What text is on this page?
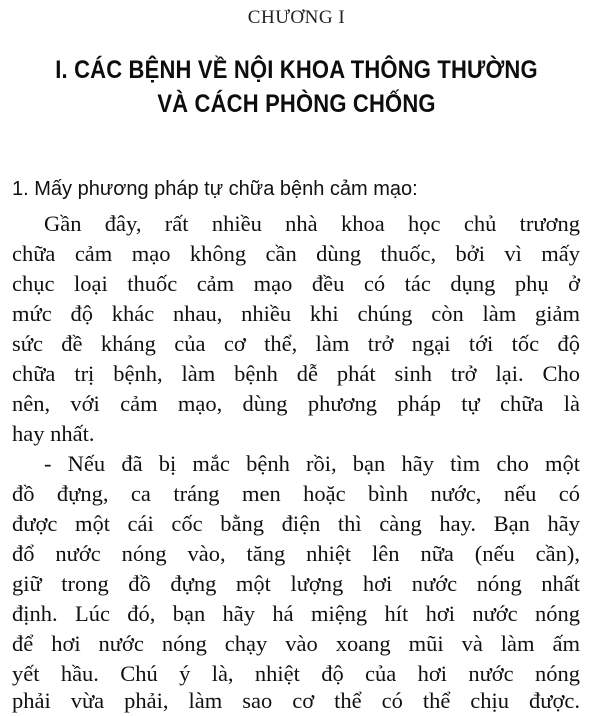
CHƯƠNG I
I. CÁC BỆNH VỀ NỘI KHOA THÔNG THƯỜNG
VÀ CÁCH PHÒNG CHỐNG
1. Mấy phương pháp tự chữa bệnh cảm mạo:
Gần đây, rất nhiều nhà khoa học chủ trương
chữa cảm mạo không cần dùng thuốc, bởi vì mấy
chục loại thuốc cảm mạo đều có tác dụng phụ ở
mức độ khác nhau, nhiều khi chúng còn làm giảm
sức đề kháng của cơ thể, làm trở ngại tới tốc độ
chữa trị bệnh, làm bệnh dễ phát sinh trở lại. Cho
nên, với cảm mạo, dùng phương pháp tự chữa là
hay nhất.
- Nếu đã bị mắc bệnh rồi, bạn hãy tìm cho một
đồ đựng, ca tráng men hoặc bình nước, nếu có
được một cái cốc bằng điện thì càng hay. Bạn hãy
đổ nước nóng vào, tăng nhiệt lên nữa (nếu cần),
giữ trong đồ đựng một lượng hơi nước nóng nhất
định. Lúc đó, bạn hãy há miệng hít hơi nước nóng
để hơi nước nóng chạy vào xoang mũi và làm ấm
yết hầu. Chú ý là, nhiệt độ của hơi nước nóng
phải vừa phải, làm sao cơ thể có thể chịu được.
